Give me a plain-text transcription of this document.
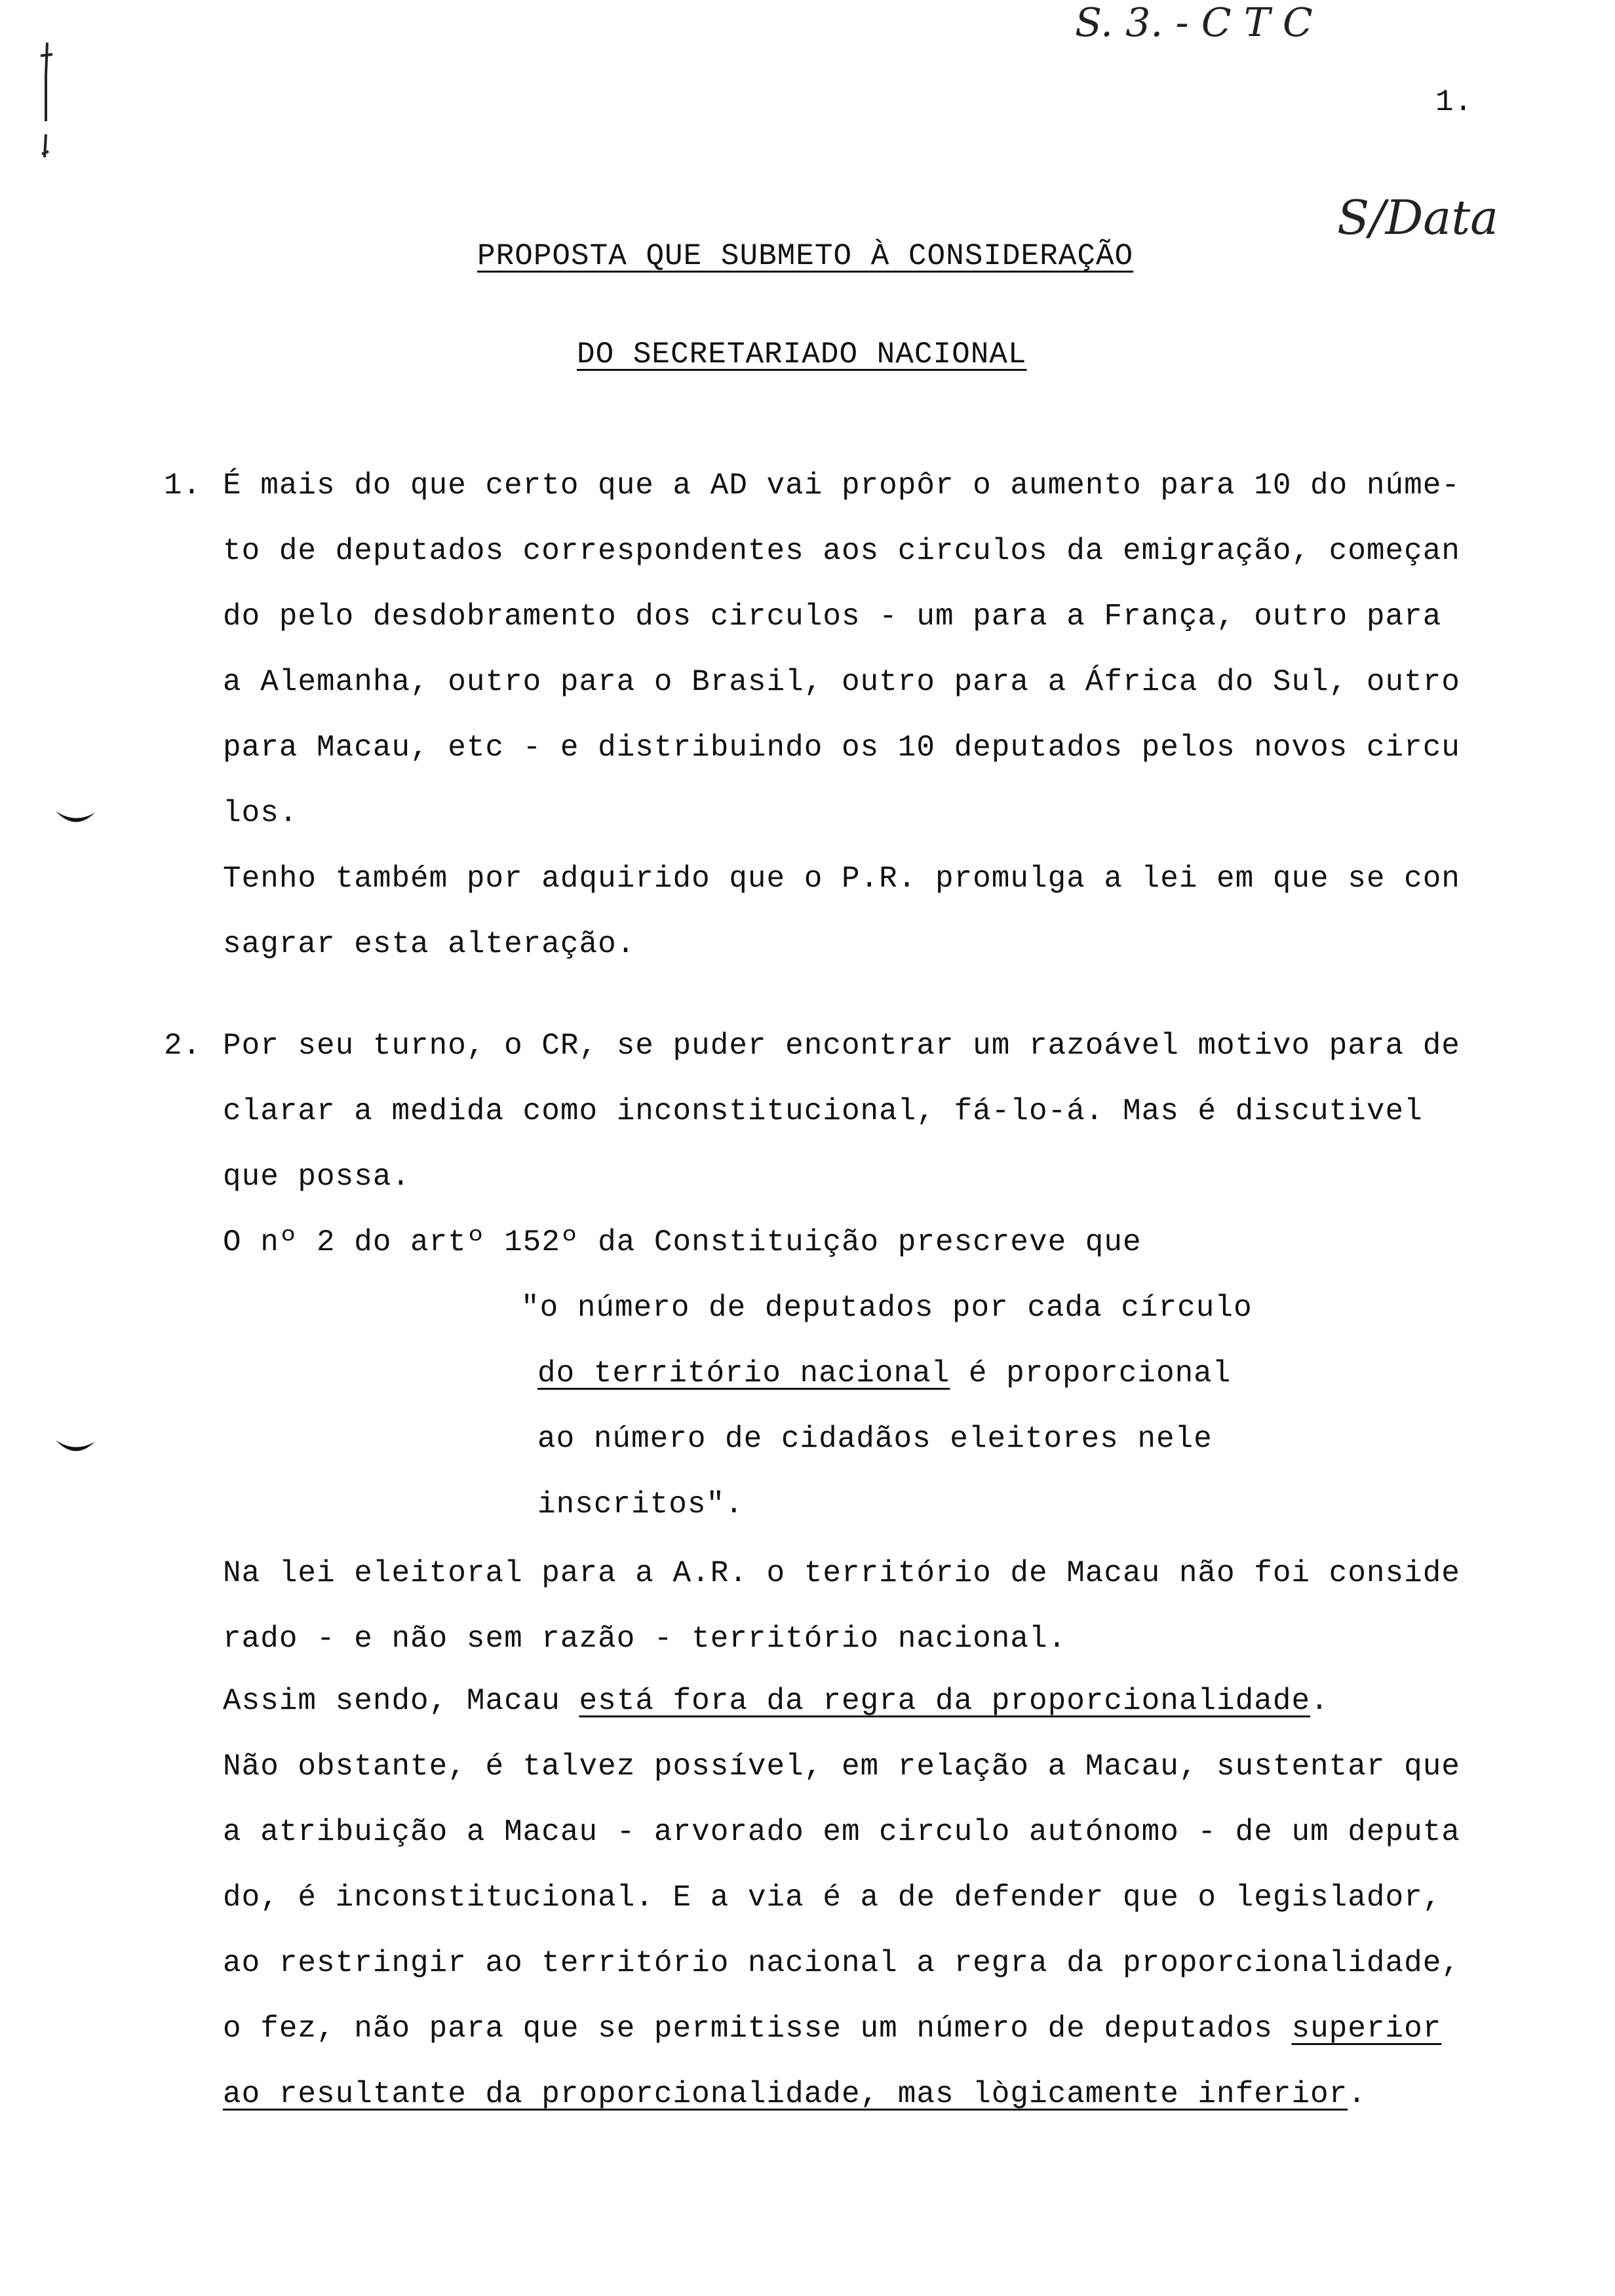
S. 3. - C T C
1.
S/Data
PROPOSTA QUE SUBMETO À CONSIDERAÇÃO
DO SECRETARIADO NACIONAL
1. É mais do que certo que a AD vai propôr o aumento para 10 do núme-
to de deputados correspondentes aos circulos da emigração, começan
do pelo desdobramento dos circulos - um para a França, outro para
a Alemanha, outro para o Brasil, outro para a África do Sul, outro
para Macau, etc - e distribuindo os 10 deputados pelos novos circu
los.
Tenho também por adquirido que o P.R. promulga a lei em que se con
sagrar esta alteração.
2. Por seu turno, o CR, se puder encontrar um razoável motivo para de
clarar a medida como inconstitucional, fá-lo-á. Mas é discutivel
que possa.
O nº 2 do artº 152º da Constituição prescreve que
"o número de deputados por cada círculo
do território nacional é proporcional
ao número de cidadãos eleitores nele
inscritos".
Na lei eleitoral para a A.R. o território de Macau não foi conside
rado - e não sem razão - território nacional.
Assim sendo, Macau está fora da regra da proporcionalidade.
Não obstante, é talvez possível, em relação a Macau, sustentar que
a atribuição a Macau - arvorado em circulo autónomo - de um deputa
do, é inconstitucional. E a via é a de defender que o legislador,
ao restringir ao território nacional a regra da proporcionalidade,
o fez, não para que se permitisse um número de deputados superior
ao resultante da proporcionalidade, mas lògicamente inferior.
